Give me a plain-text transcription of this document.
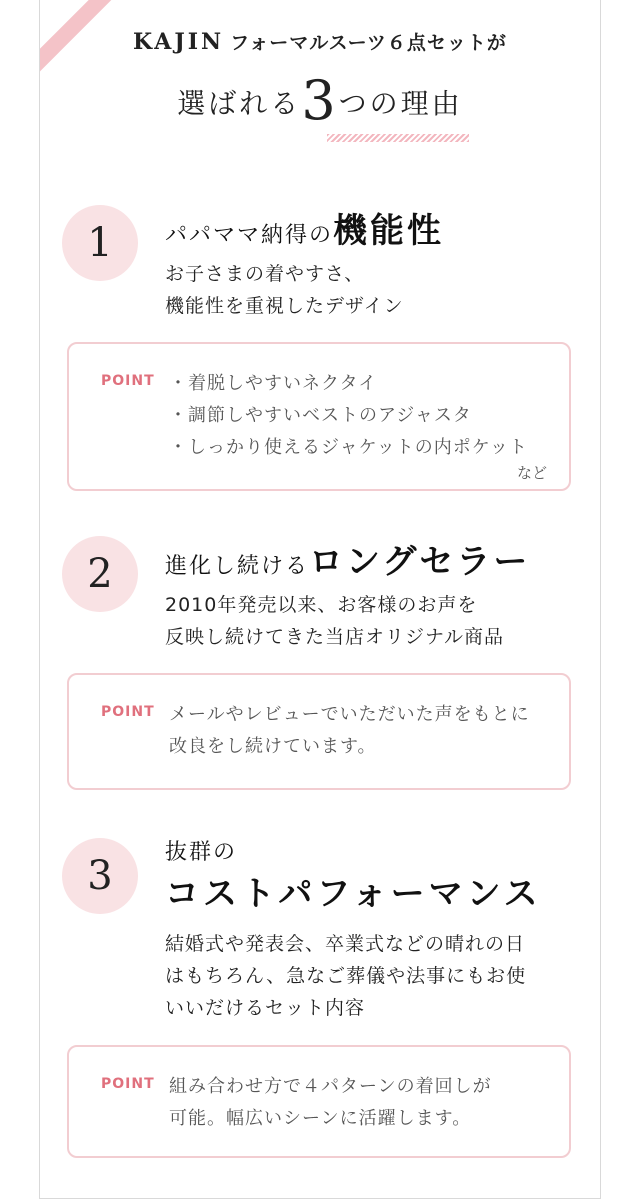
KAJIN フォーマルスーツ６点セットが
選ばれる3つの理由
1	パパママ納得の機能性
お子さまの着やすさ、
機能性を重視したデザイン
POINT ・着脱しやすいネクタイ
・調節しやすいベストのアジャスタ
・しっかり使えるジャケットの内ポケット
など
2	進化し続けるロングセラー
2010年発売以来、お客様のお声を
反映し続けてきた当店オリジナル商品
POINT メールやレビューでいただいた声をもとに
改良をし続けています。
3
抜群の
コストパフォーマンス
結婚式や発表会、卒業式などの晴れの日
はもちろん、急なご葬儀や法事にもお使
いいだけるセット内容
POINT 組み合わせ方で４パターンの着回しが
可能。幅広いシーンに活躍します。
